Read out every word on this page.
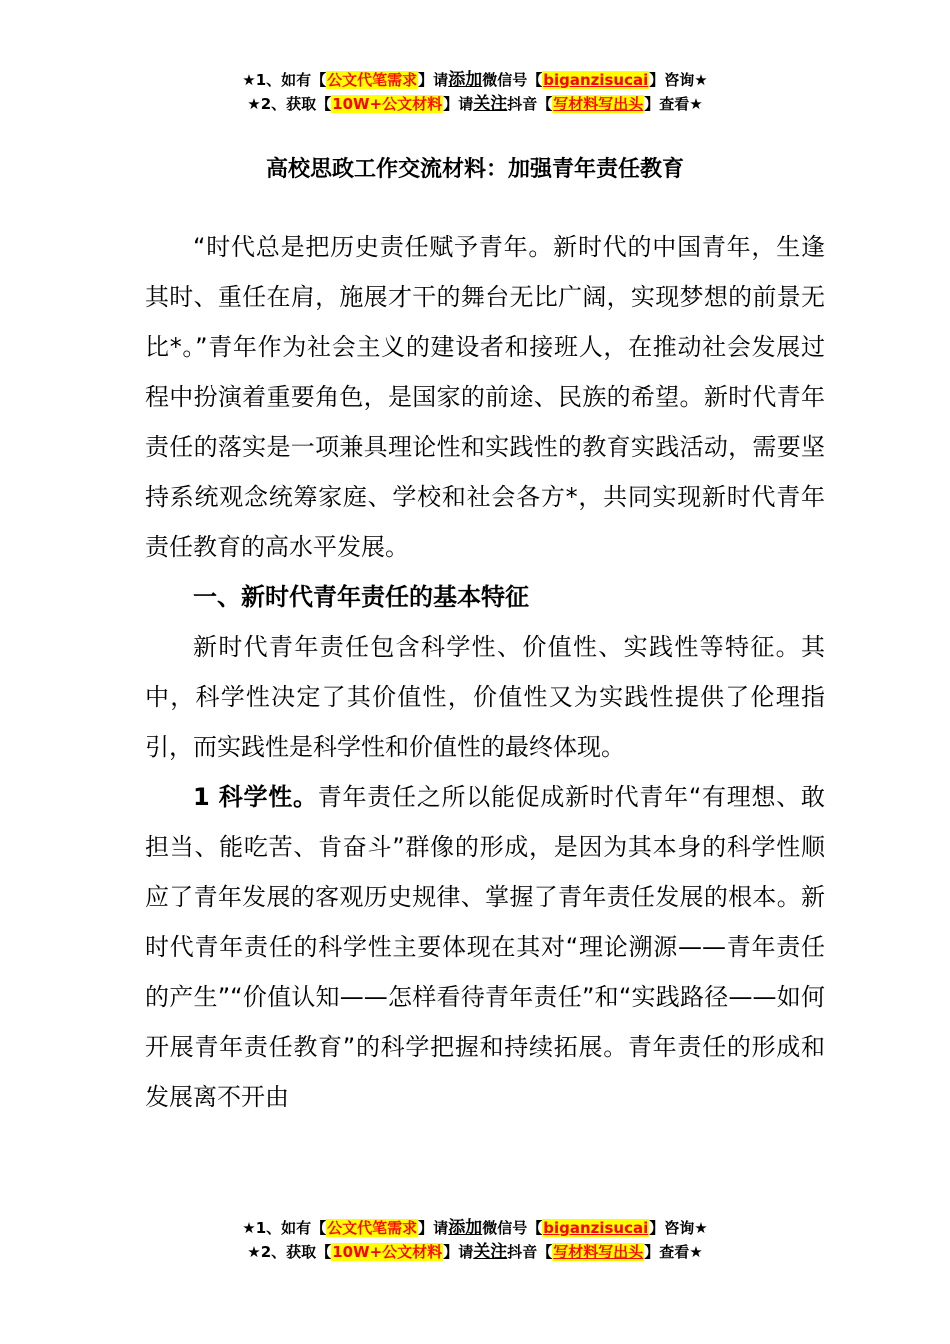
★1、如有【公文代笔需求】请添加微信号【biganzisucai】咨询★
★2、获取【10W+公文材料】请关注抖音【写材料写出头】查看★
高校思政工作交流材料：加强青年责任教育

“时代总是把历史责任赋予青年。新时代的中国青年，生逢其时、重任在肩，施展才干的舞台无比广阔，实现梦想的前景无比*。”青年作为社会主义的建设者和接班人，在推动社会发展过程中扮演着重要角色，是国家的前途、民族的希望。新时代青年责任的落实是一项兼具理论性和实践性的教育实践活动，需要坚持系统观念统筹家庭、学校和社会各方*，共同实现新时代青年责任教育的高水平发展。

一、新时代青年责任的基本特征

新时代青年责任包含科学性、价值性、实践性等特征。其中，科学性决定了其价值性，价值性又为实践性提供了伦理指引，而实践性是科学性和价值性的最终体现。

1 科学性。青年责任之所以能促成新时代青年“有理想、敢担当、能吃苦、肯奋斗”群像的形成，是因为其本身的科学性顺应了青年发展的客观历史规律、掌握了青年责任发展的根本。新时代青年责任的科学性主要体现在其对“理论溯源——青年责任的产生”“价值认知——怎样看待青年责任”和“实践路径——如何开展青年责任教育”的科学把握和持续拓展。青年责任的形成和发展离不开由

★1、如有【公文代笔需求】请添加微信号【biganzisucai】咨询★
★2、获取【10W+公文材料】请关注抖音【写材料写出头】查看★
